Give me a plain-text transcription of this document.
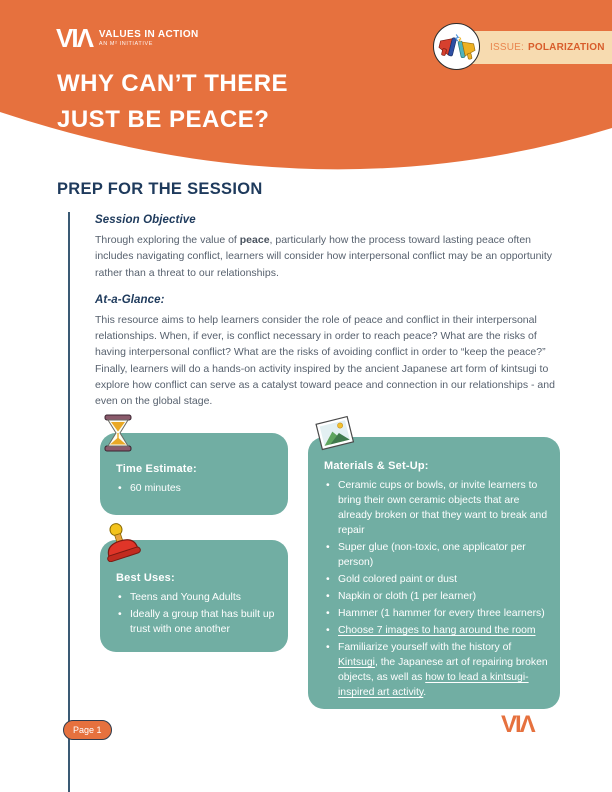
VIΛ VALUES IN ACTION
AN M² INITIATIVE
WHY CAN’T THERE
JUST BE PEACE?
ISSUE: POLARIZATION
PREP FOR THE SESSION
Session Objective
Through exploring the value of peace, particularly how the process toward lasting peace often includes navigating conflict, learners will consider how interpersonal conflict may be an opportunity rather than a threat to our relationships.
At-a-Glance:
This resource aims to help learners consider the role of peace and conflict in their interpersonal relationships. When, if ever, is conflict necessary in order to reach peace? What are the risks of having interpersonal conflict? What are the risks of avoiding conflict in order to “keep the peace?” Finally, learners will do a hands-on activity inspired by the ancient Japanese art form of kintsugi to explore how conflict can serve as a catalyst toward peace and connection in our relationships - and even on the global stage.
Time Estimate:
• 60 minutes
Best Uses:
• Teens and Young Adults
• Ideally a group that has built up trust with one another
Materials & Set-Up:
• Ceramic cups or bowls, or invite learners to bring their own ceramic objects that are already broken or that they want to break and repair
• Super glue (non-toxic, one applicator per person)
• Gold colored paint or dust
• Napkin or cloth (1 per learner)
• Hammer (1 hammer for every three learners)
• Choose 7 images to hang around the room
• Familiarize yourself with the history of Kintsugi, the Japanese art of repairing broken objects, as well as how to lead a kintsugi-inspired art activity.
Page 1	VIΛ
